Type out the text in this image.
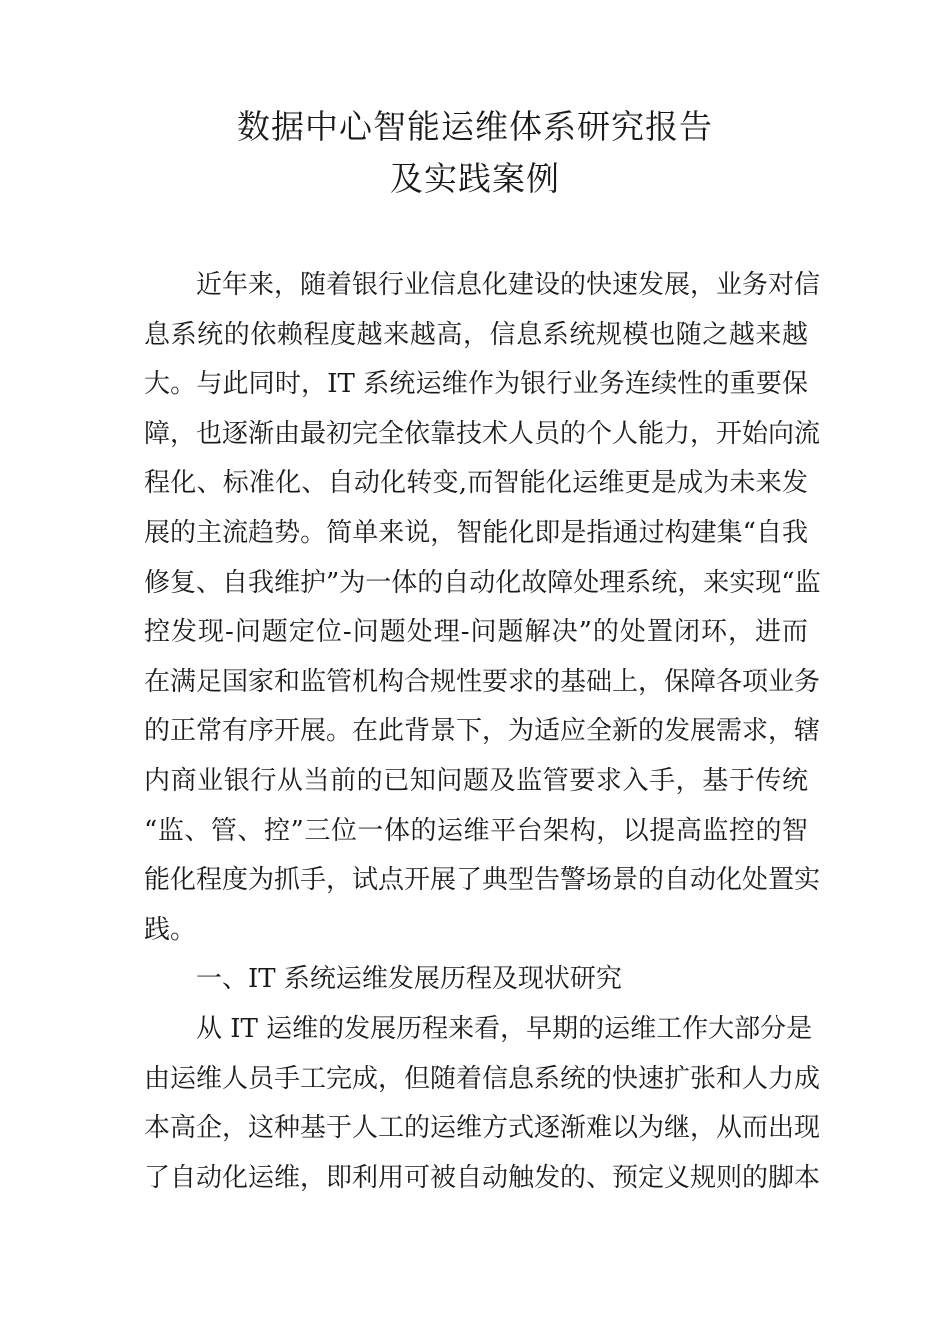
数据中心智能运维体系研究报告
及实践案例
近年来，随着银行业信息化建设的快速发展，业务对信
息系统的依赖程度越来越高，信息系统规模也随之越来越
大。与此同时，IT 系统运维作为银行业务连续性的重要保
障，也逐渐由最初完全依靠技术人员的个人能力，开始向流
程化、标准化、自动化转变,而智能化运维更是成为未来发
展的主流趋势。简单来说，智能化即是指通过构建集“自我
修复、自我维护”为一体的自动化故障处理系统，来实现“监
控发现-问题定位-问题处理-问题解决”的处置闭环，进而
在满足国家和监管机构合规性要求的基础上，保障各项业务
的正常有序开展。在此背景下，为适应全新的发展需求，辖
内商业银行从当前的已知问题及监管要求入手，基于传统
“监、管、控”三位一体的运维平台架构，以提高监控的智
能化程度为抓手，试点开展了典型告警场景的自动化处置实
践。
一、IT 系统运维发展历程及现状研究
从 IT 运维的发展历程来看，早期的运维工作大部分是
由运维人员手工完成，但随着信息系统的快速扩张和人力成
本高企，这种基于人工的运维方式逐渐难以为继，从而出现
了自动化运维，即利用可被自动触发的、预定义规则的脚本
